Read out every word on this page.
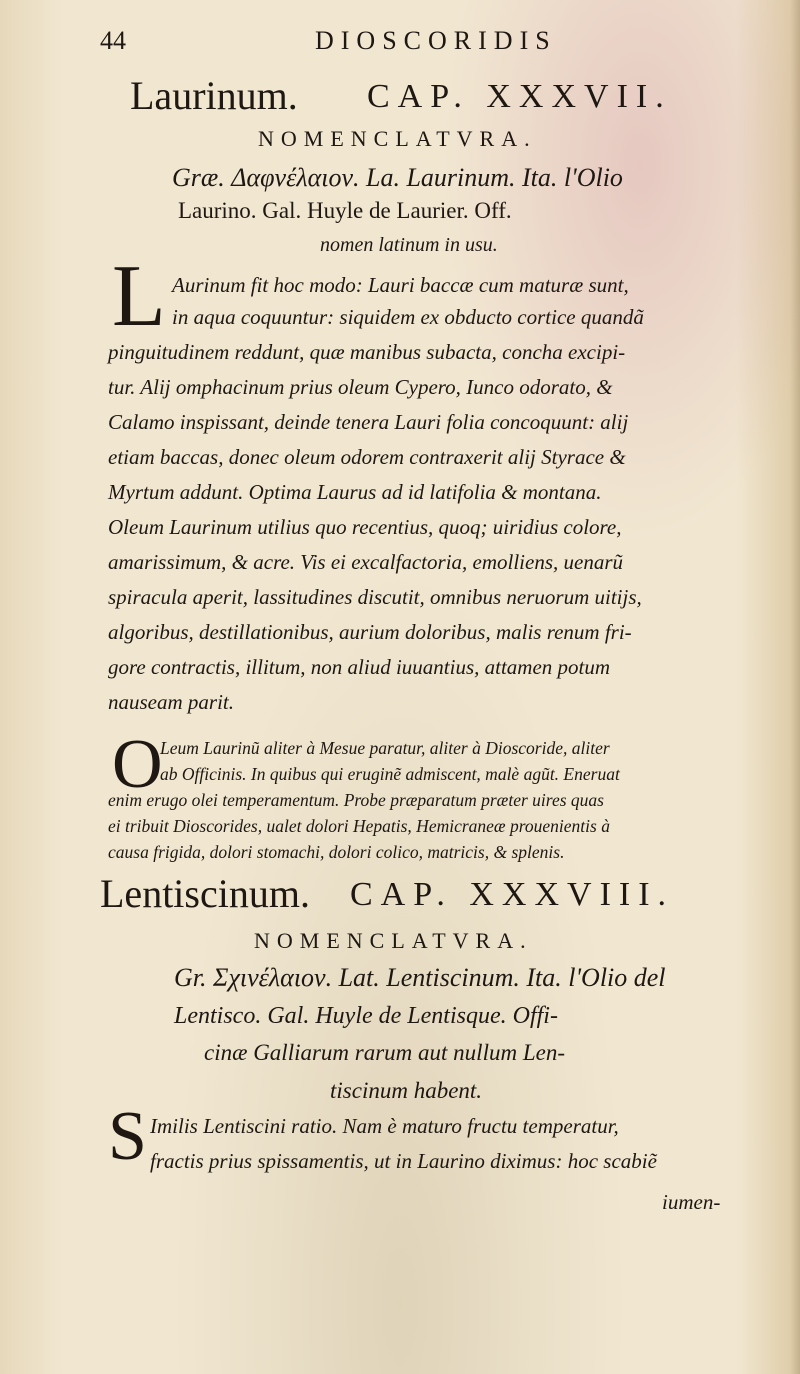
44	DIOSCORIDIS
Laurinum. CAP. XXXVII.
NOMENCLATVRA.
Græ. Δαφνέλαιον. La. Laurinum. Ita. l'Olio
Laurino. Gal. Huyle de Laurier. Off.
nomen latinum in usu.
L Aurinum fit hoc modo: Lauri baccæ cum maturæ sunt,
in aqua coquuntur: siquidem ex obducto cortice quandã
pinguitudinem reddunt, quæ manibus subacta, concha excipi-
tur. Alij omphacinum prius oleum Cypero, Iunco odorato, &
Calamo inspissant, deinde tenera Lauri folia concoquunt: alij
etiam baccas, donec oleum odorem contraxerit alij Styrace &
Myrtum addunt. Optima Laurus ad id latifolia & montana.
Oleum Laurinum utilius quo recentius, quoq; uiridius colore,
amarissimum, & acre. Vis ei excalfactoria, emolliens, uenarũ
spiracula aperit, lassitudines discutit, omnibus neruorum uitijs,
algoribus, destillationibus, aurium doloribus, malis renum fri-
gore contractis, illitum, non aliud iuuantius, attamen potum
nauseam parit.
O
Leum Laurinũ aliter à Mesue paratur, aliter à Dioscoride, aliter
ab Officinis. In quibus qui eruginẽ admiscent, malè agũt. Eneruat
enim erugo olei temperamentum. Probe præparatum præter uires quas
ei tribuit Dioscorides, ualet dolori Hepatis, Hemicraneæ prouenientis à
causa frigida, dolori stomachi, dolori colico, matricis, & splenis.
Lentiscinum. CAP. XXXVIII.
NOMENCLATVRA.
Gr. Σχινέλαιον. Lat. Lentiscinum. Ita. l'Olio del
Lentisco. Gal. Huyle de Lentisque. Offi-
cinæ Galliarum rarum aut nullum Len-
tiscinum habent.
S Imilis Lentiscini ratio. Nam è maturo fructu temperatur,
fractis prius spissamentis, ut in Laurino diximus: hoc scabiẽ
iumen-
